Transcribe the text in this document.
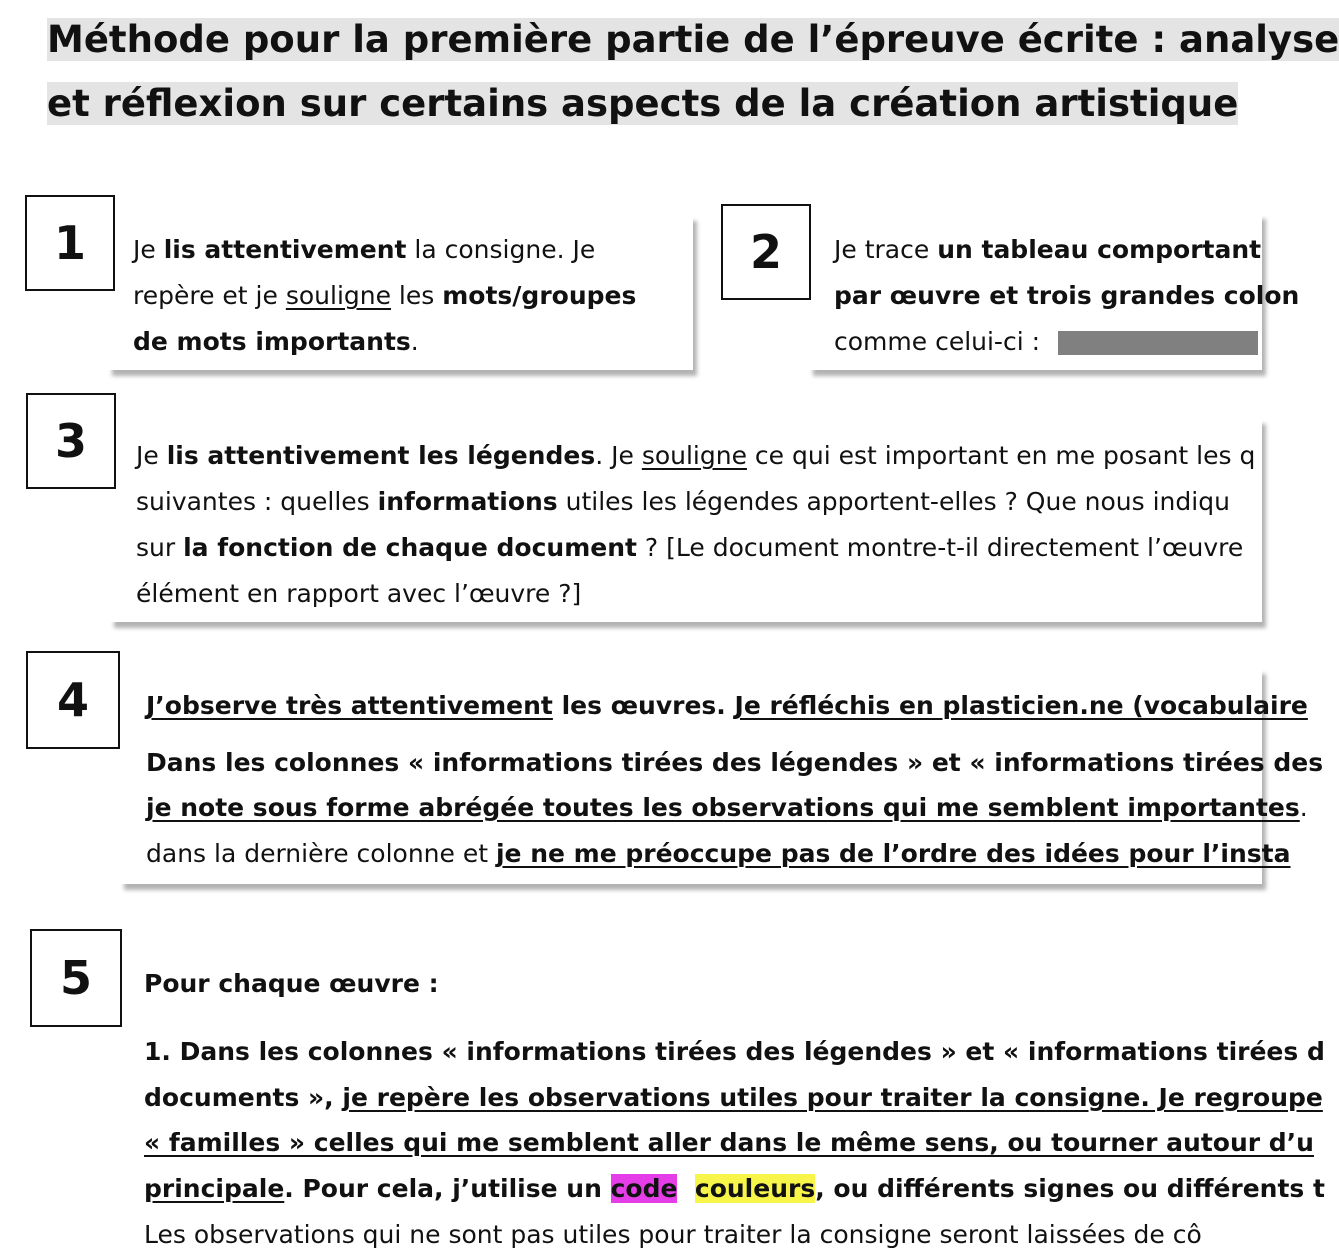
Méthode pour la première partie de l’épreuve écrite : analyse
et réflexion sur certains aspects de la création artistique
1	Je lis attentivement la consigne. Je

repère et je souligne les mots/groupes

de mots importants.

2	Je trace un tableau comportant

par œuvre et trois grandes colon

comme celui-ci :

3	Je lis attentivement les légendes. Je souligne ce qui est important en me posant les q

suivantes : quelles informations utiles les légendes apportent-elles ? Que nous indiqu

sur la fonction de chaque document ? [Le document montre-t-il directement l’œuvre

élément en rapport avec l’œuvre ?]

4	J’observe très attentivement les œuvres. Je réfléchis en plasticien.ne (vocabulaire

Dans les colonnes « informations tirées des légendes » et « informations tirées des

je note sous forme abrégée toutes les observations qui me semblent importantes.

dans la dernière colonne et je ne me préoccupe pas de l’ordre des idées pour l’insta

5	Pour chaque œuvre :

1. Dans les colonnes « informations tirées des légendes » et « informations tirées d

documents », je repère les observations utiles pour traiter la consigne. Je regroupe

« familles » celles qui me semblent aller dans le même sens, ou tourner autour d’u

principale. Pour cela, j’utilise un code couleurs, ou différents signes ou différents t

Les observations qui ne sont pas utiles pour traiter la consigne seront laissées de cô
